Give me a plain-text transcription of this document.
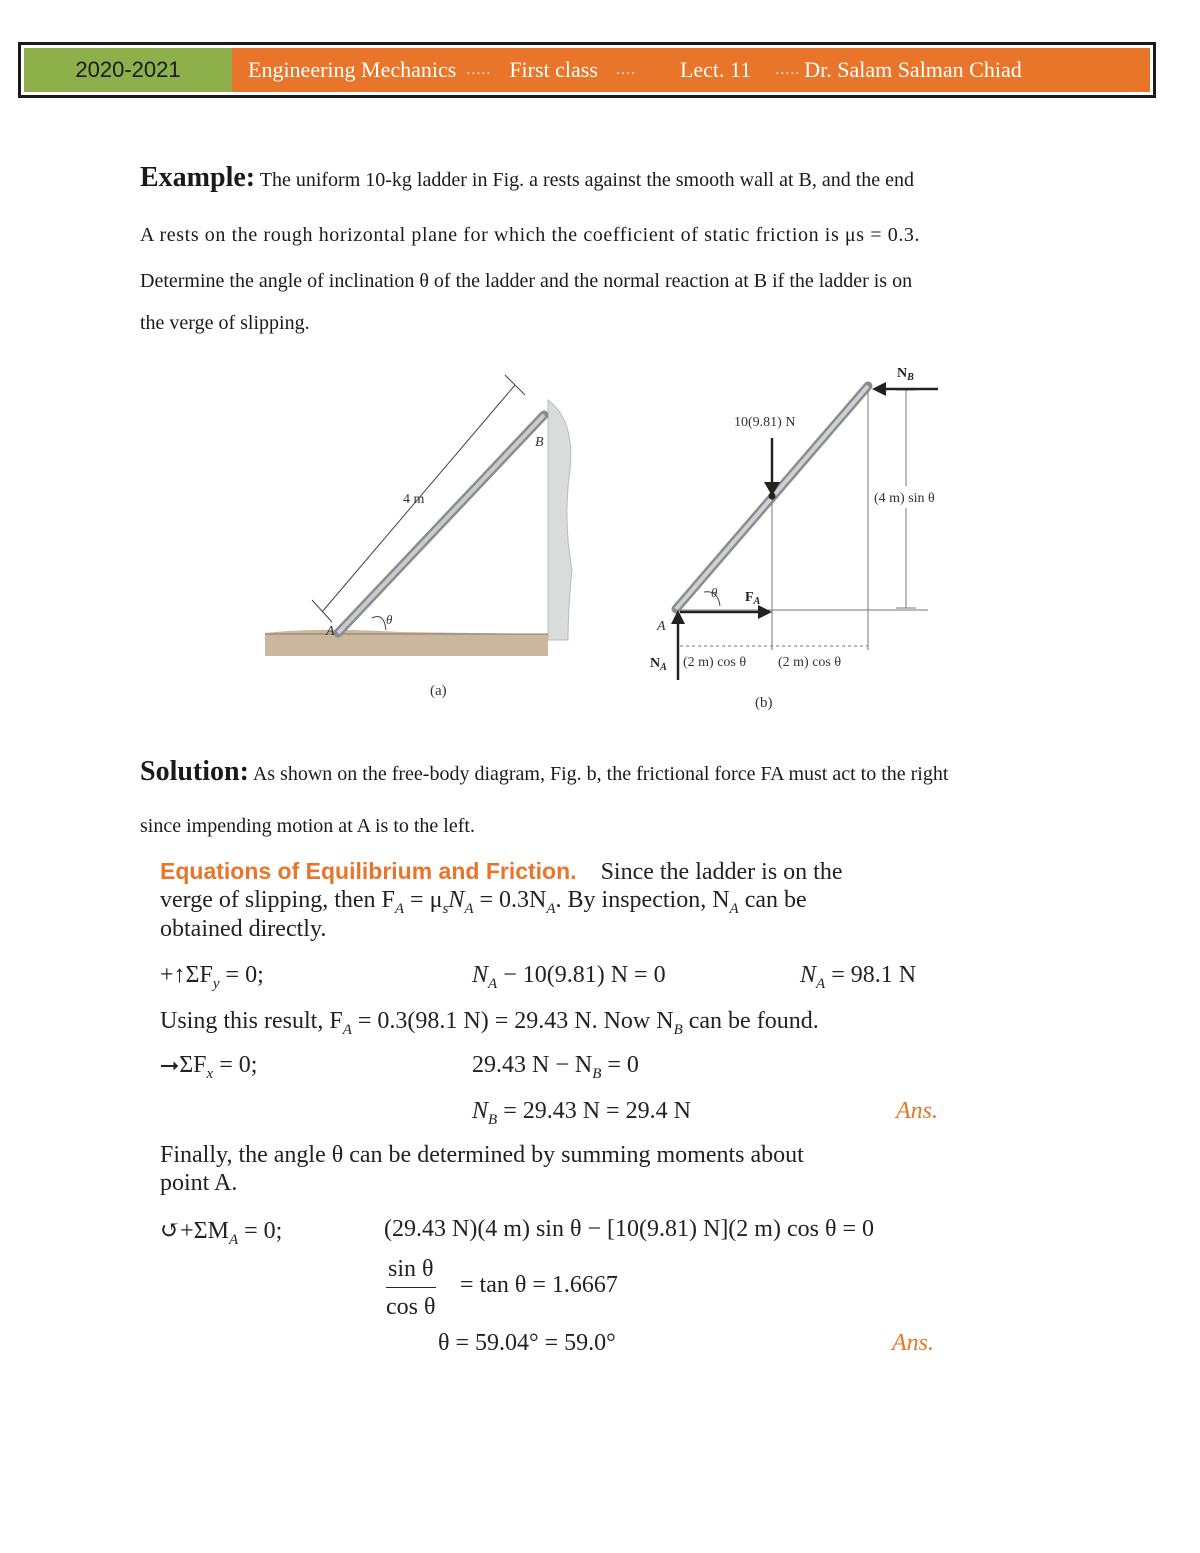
2020-2021	Engineering Mechanics ..... First class .... Lect. 11 ..... Dr. Salam Salman Chiad
Example: The uniform 10-kg ladder in Fig. a rests against the smooth wall at B, and the end
A rests on the rough horizontal plane for which the coefficient of static friction is μs = 0.3.
Determine the angle of inclination θ of the ladder and the normal reaction at B if the ladder is on
the verge of slipping.
4 m
A
B
θ
(a)
(4 m) sin θ
10(9.81) N
$N_B$
$F_A$
$N_A$
A
θ
(2 m) cos θ (2 m) cos θ
(b)
Solution: As shown on the free-body diagram, Fig. b, the frictional force FA must act to the right
since impending motion at A is to the left.
Equations of Equilibrium and Friction. Since the ladder is on the
verge of slipping, then $F_A = \mu_sN_A = 0.3N_A$. By inspection, $N_A$ can be
obtained directly.
$+↑\Sigma F_y = 0$;	$N_A - 10(9.81) N = 0$	$N_A = 98.1$ N
Using this result, $F_A = 0.3(98.1$ N) = 29.43 N. Now $N_B$ can be found.
$⭢\Sigma F_x = 0$;	29.43 $N - N_B = 0$
$N_B = 29.43$ N = 29.4 N	Ans.
Finally, the angle θ can be determined by summing moments about
point A.
$↺+\Sigma M_A = 0$;	(29.43 N)(4 m) sin θ − [10(9.81) N](2 m) cos θ = 0
$\frac{\text{sin θ}}{\text{cos θ}} = \tan \theta = 1.6667$
θ = 59.04° = 59.0°	Ans.
